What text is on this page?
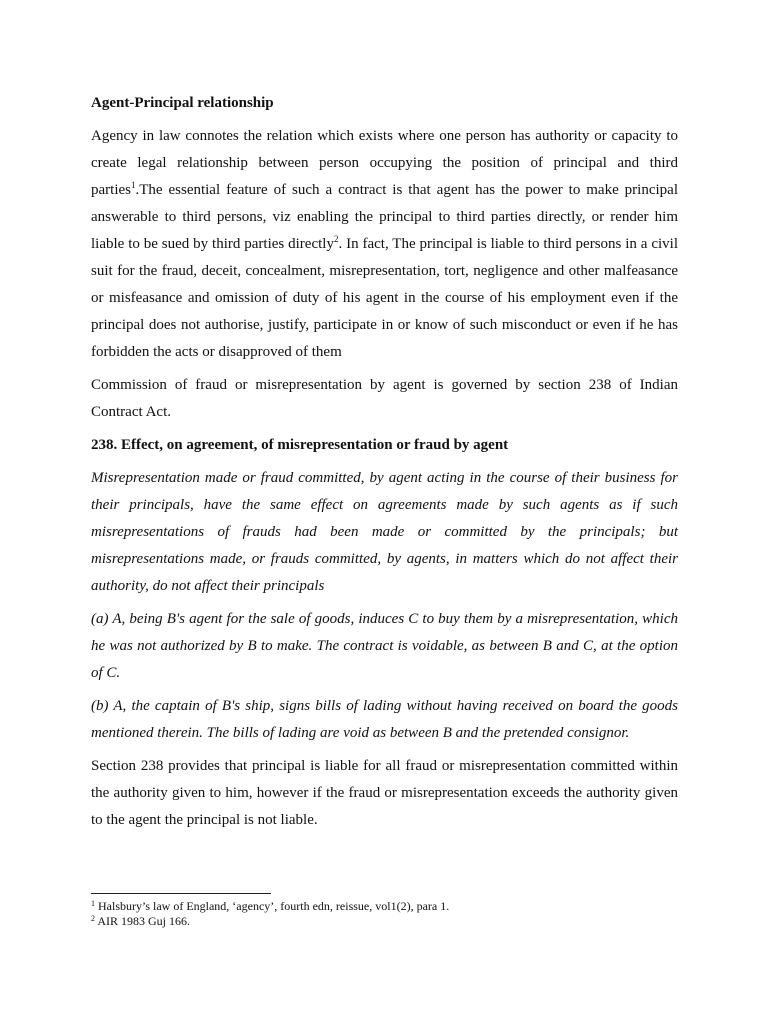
Agent-Principal relationship

Agency in law connotes the relation which exists where one person has authority or capacity to create legal relationship between person occupying the position of principal and third parties$^1$.The essential feature of such a contract is that agent has the power to make principal answerable to third persons, viz enabling the principal to third parties directly, or render him liable to be sued by third parties directly$^2$. In fact, The principal is liable to third persons in a civil suit for the fraud, deceit, concealment, misrepresentation, tort, negligence and other malfeasance or misfeasance and omission of duty of his agent in the course of his employment even if the principal does not authorise, justify, participate in or know of such misconduct or even if he has forbidden the acts or disapproved of them

Commission of fraud or misrepresentation by agent is governed by section 238 of Indian Contract Act.

238. Effect, on agreement, of misrepresentation or fraud by agent

Misrepresentation made or fraud committed, by agent acting in the course of their business for their principals, have the same effect on agreements made by such agents as if such misrepresentations of frauds had been made or committed by the principals; but misrepresentations made, or frauds committed, by agents, in matters which do not affect their authority, do not affect their principals

(a) A, being B's agent for the sale of goods, induces C to buy them by a misrepresentation, which he was not authorized by B to make. The contract is voidable, as between B and C, at the option of C.

(b) A, the captain of B's ship, signs bills of lading without having received on board the goods mentioned therein. The bills of lading are void as between B and the pretended consignor.

Section 238 provides that principal is liable for all fraud or misrepresentation committed within the authority given to him, however if the fraud or misrepresentation exceeds the authority given to the agent the principal is not liable.

$^1$ Halsbury’s law of England, ‘agency’, fourth edn, reissue, vol1(2), para 1.

$^2$ AIR 1983 Guj 166.
